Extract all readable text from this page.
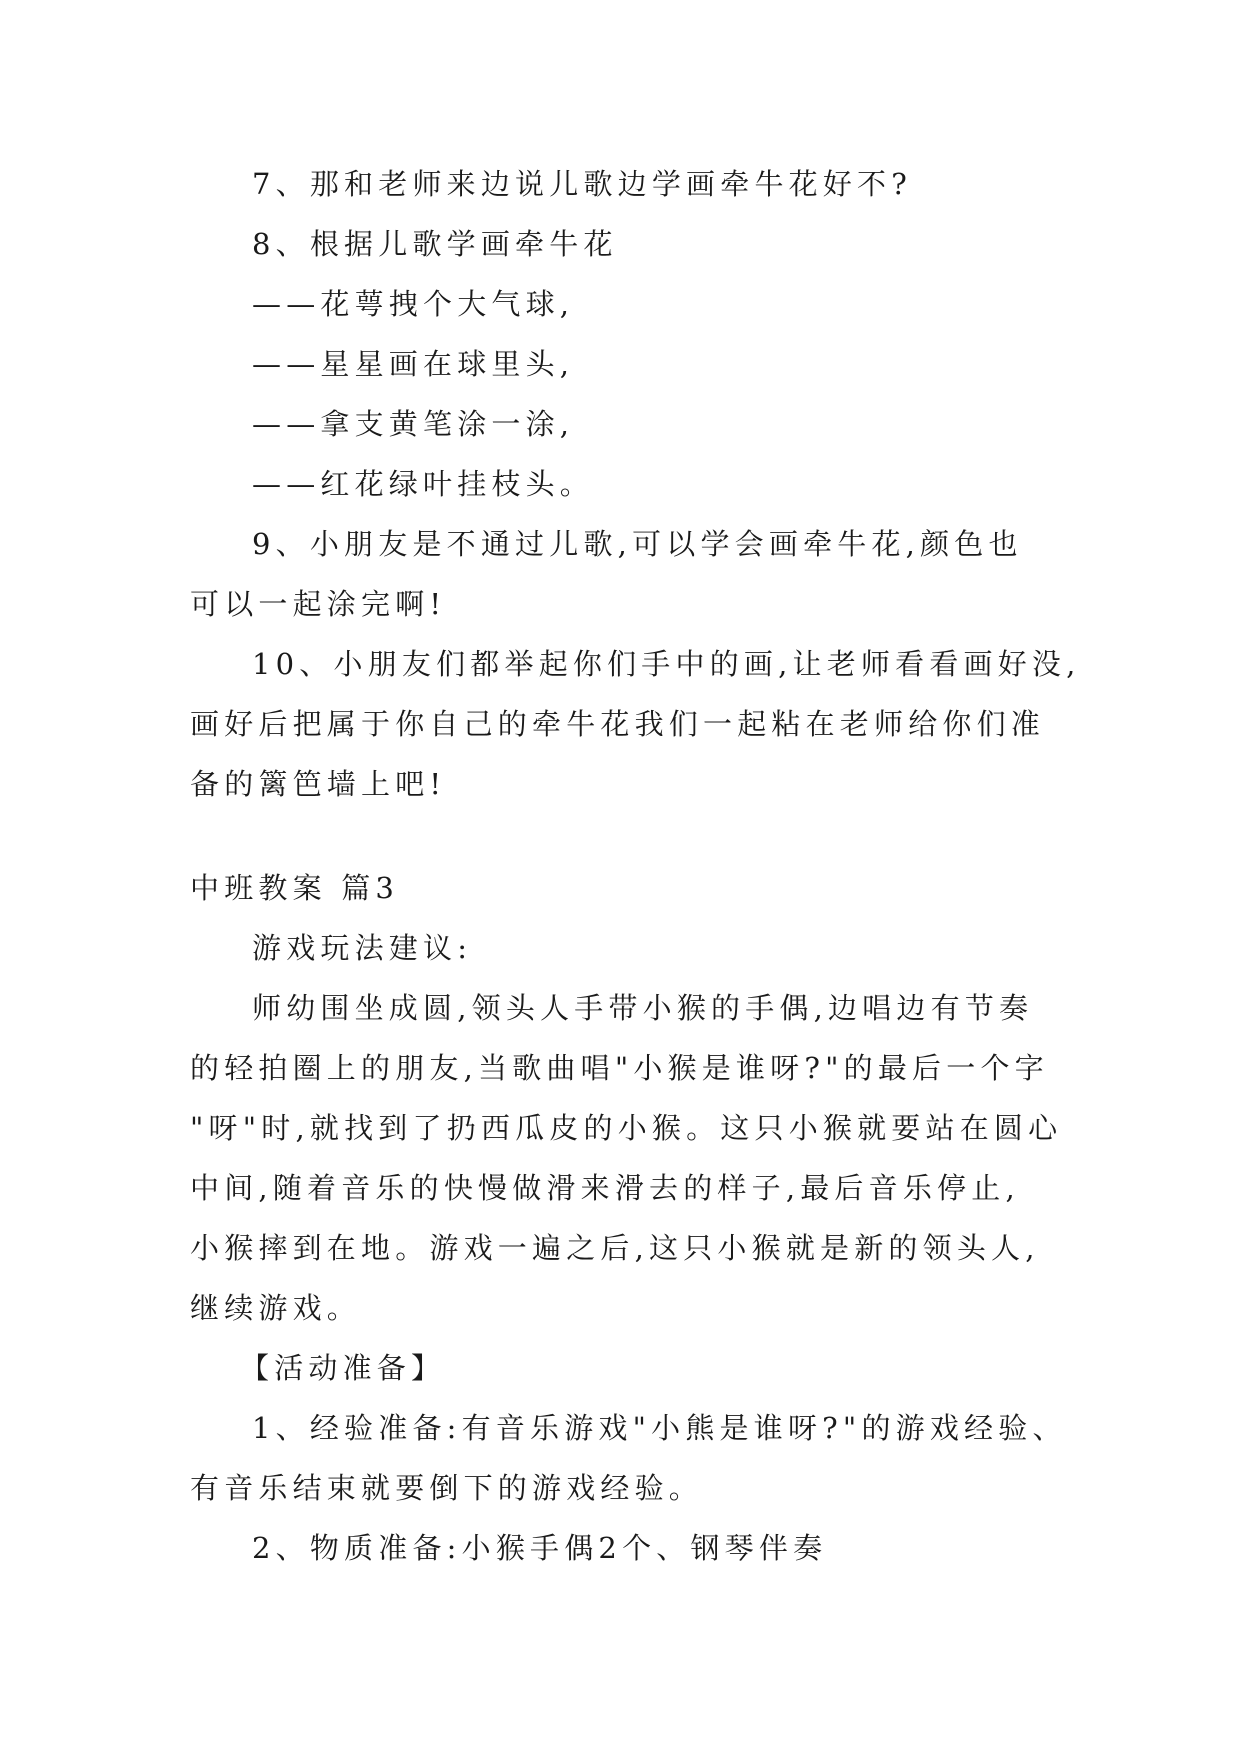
7、那和老师来边说儿歌边学画牵牛花好不?
8、根据儿歌学画牵牛花
——花萼拽个大气球,
——星星画在球里头,
——拿支黄笔涂一涂,
——红花绿叶挂枝头。
9、小朋友是不通过儿歌,可以学会画牵牛花,颜色也
可以一起涂完啊!
10、小朋友们都举起你们手中的画,让老师看看画好没,
画好后把属于你自己的牵牛花我们一起粘在老师给你们准
备的篱笆墙上吧!
中班教案 篇3
游戏玩法建议:
师幼围坐成圆,领头人手带小猴的手偶,边唱边有节奏
的轻拍圈上的朋友,当歌曲唱"小猴是谁呀?"的最后一个字
"呀"时,就找到了扔西瓜皮的小猴。这只小猴就要站在圆心
中间,随着音乐的快慢做滑来滑去的样子,最后音乐停止,
小猴摔到在地。游戏一遍之后,这只小猴就是新的领头人,
继续游戏。
【活动准备】
1、经验准备:有音乐游戏"小熊是谁呀?"的游戏经验、
有音乐结束就要倒下的游戏经验。
2、物质准备:小猴手偶2个、钢琴伴奏
